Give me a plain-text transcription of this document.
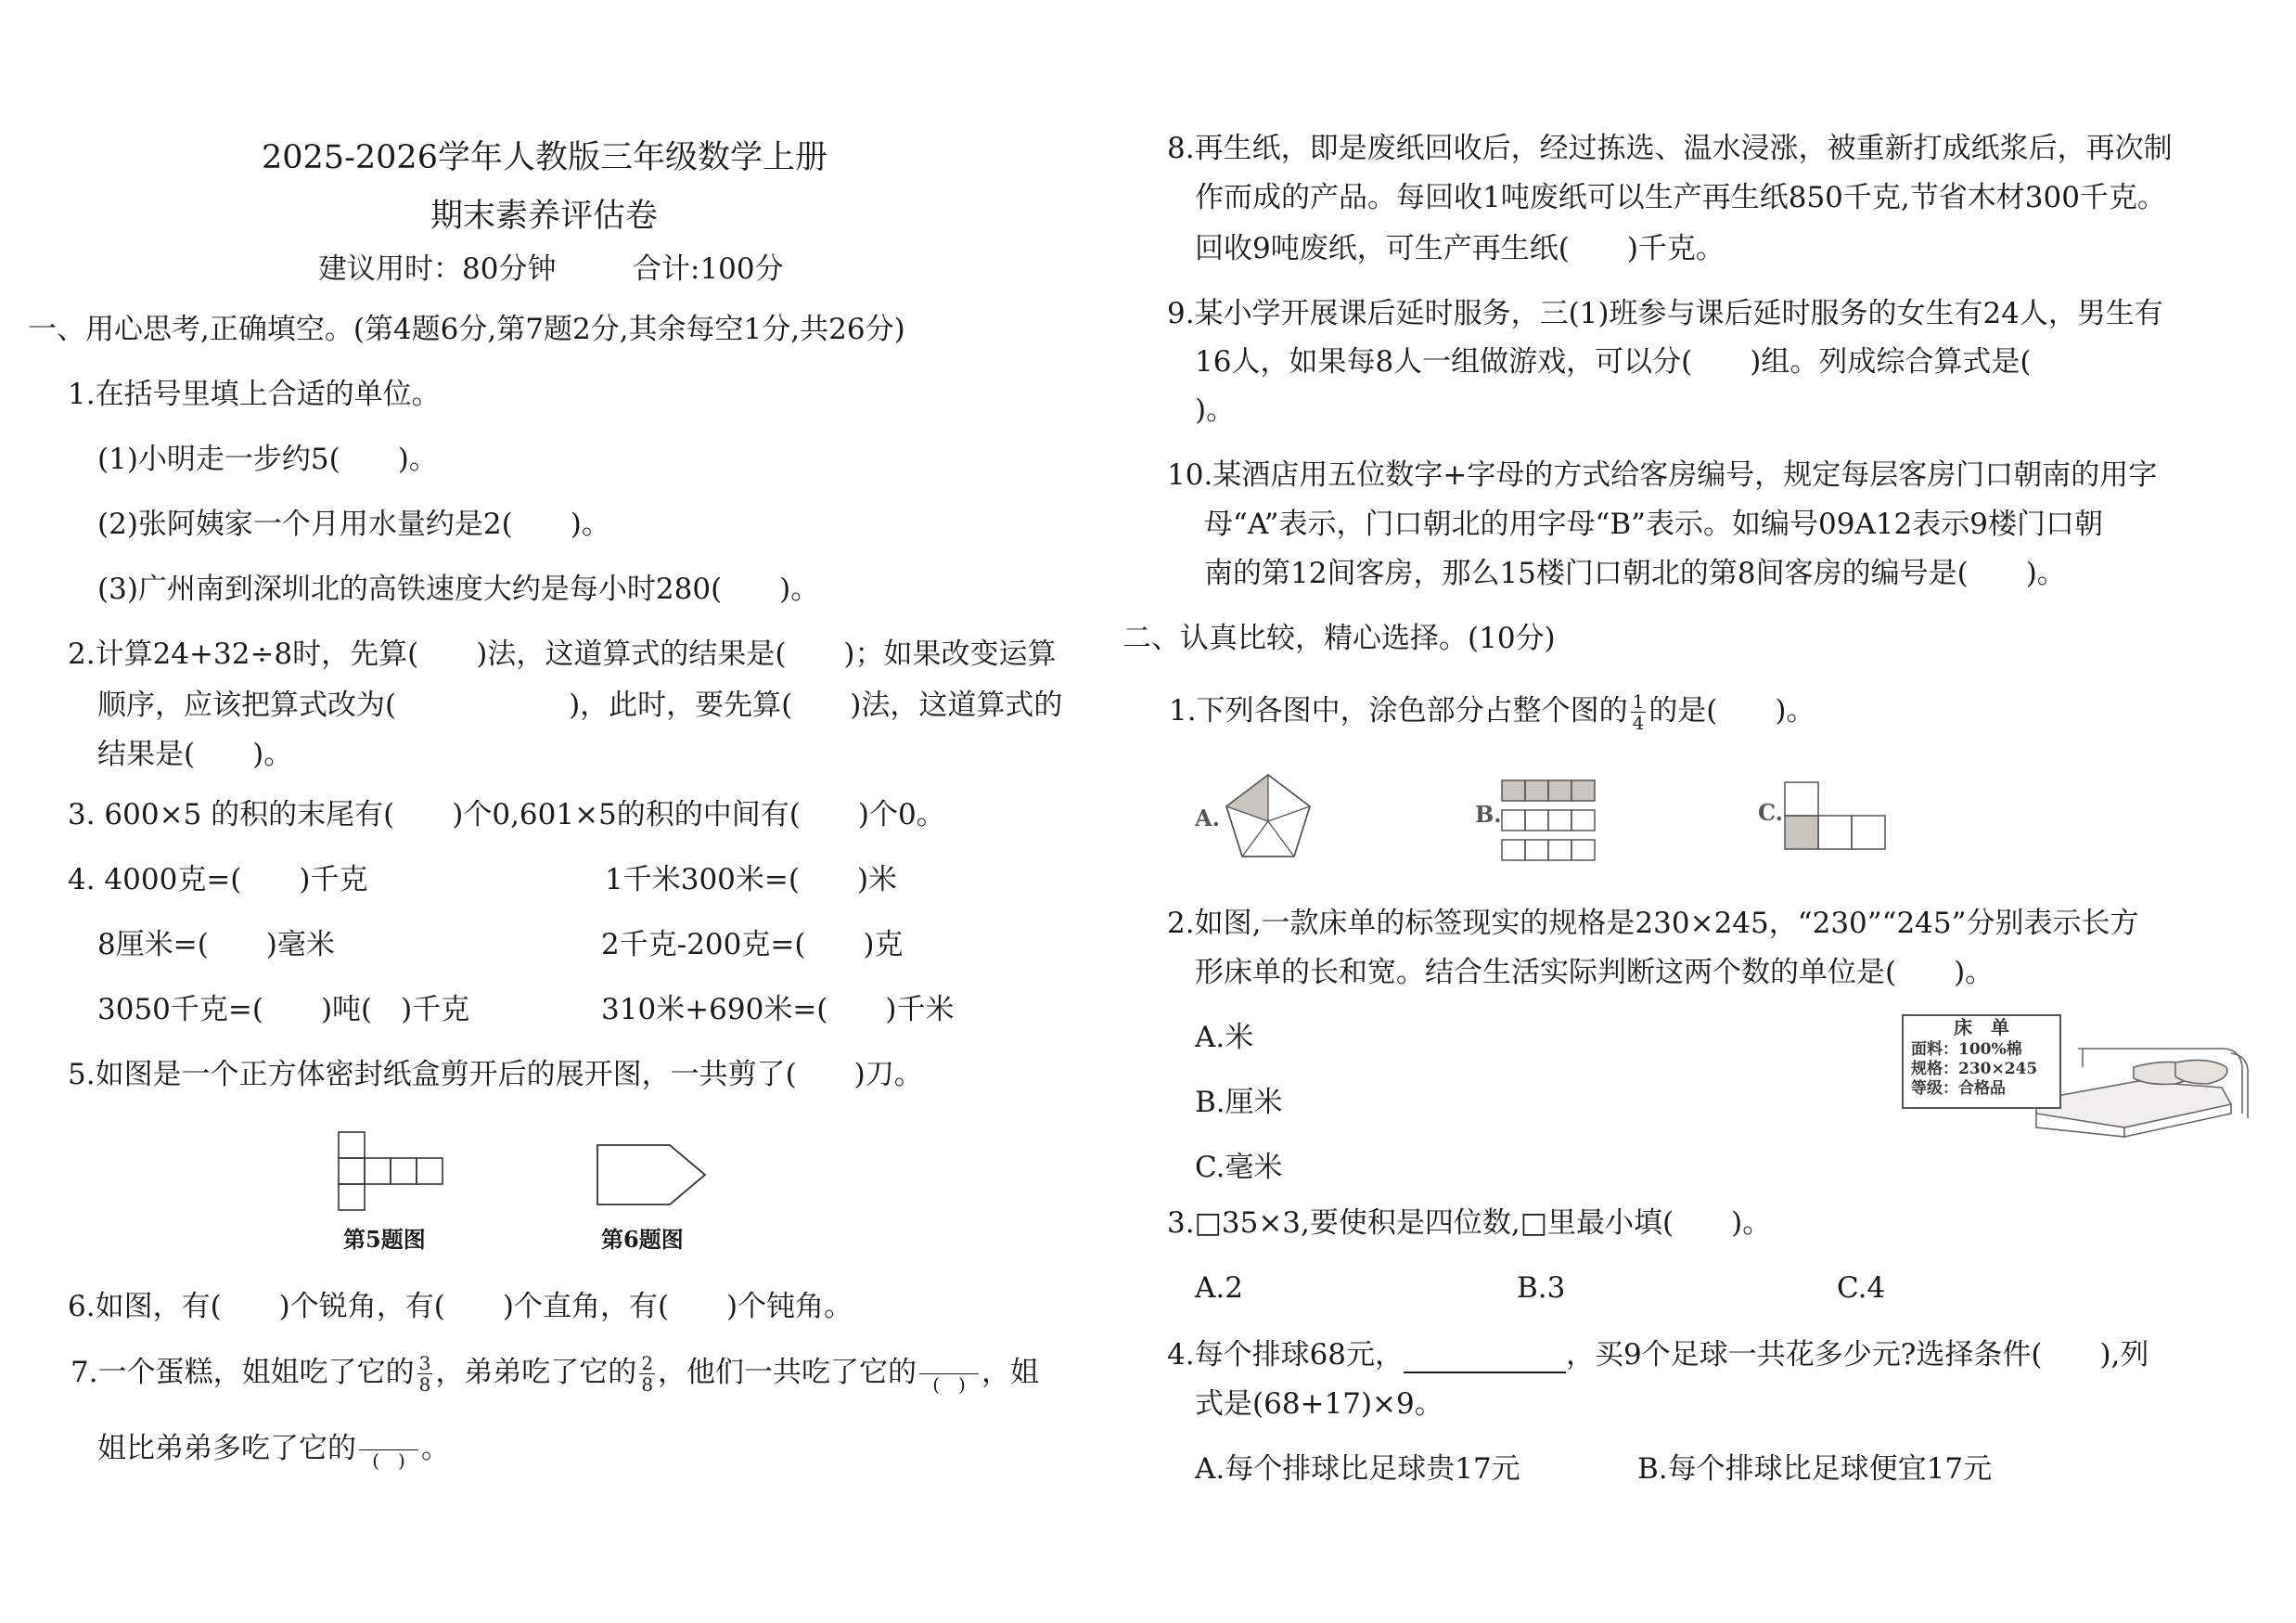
2025-2026学年人教版三年级数学上册
期末素养评估卷
建议用时：80分钟	合计:100分
一、用心思考,正确填空。(第4题6分,第7题2分,其余每空1分,共26分)
1.在括号里填上合适的单位。
(1)小明走一步约5(　　)。
(2)张阿姨家一个月用水量约是2(　　)。
(3)广州南到深圳北的高铁速度大约是每小时280(　　)。
2.计算24+32÷8时，先算(　　)法，这道算式的结果是(　　)；如果改变运算
顺序，应该把算式改为(　　　　　　)，此时，要先算(　　)法，这道算式的
结果是(　　)。
3. 600×5 的积的末尾有(　　)个0,601×5的积的中间有(　　)个0。
4. 4000克=(　　)千克	1千米300米=(　　)米
8厘米=(　　)毫米	2千克-200克=(　　)克
3050千克=(　　)吨(　)千克	310米+690米=(　　)千米
5.如图是一个正方体密封纸盒剪开后的展开图，一共剪了(　　)刀。
第5题图	第6题图
6.如图，有(　　)个锐角，有(　　)个直角，有(　　)个钝角。
7.一个蛋糕，姐姐吃了它的 $\frac{3}{8}$ ，弟弟吃了它的 $\frac{2}{8}$ ，他们一共吃了它的 (　) ，姐
姐比弟弟多吃了它的 (　) 。
8.再生纸，即是废纸回收后，经过拣选、温水浸涨，被重新打成纸浆后，再次制
作而成的产品。每回收1吨废纸可以生产再生纸850千克,节省木材300千克。
回收9吨废纸，可生产再生纸(　　)千克。
9.某小学开展课后延时服务，三(1)班参与课后延时服务的女生有24人，男生有
16人，如果每8人一组做游戏，可以分(　　)组。列成综合算式是(
)。
10.某酒店用五位数字+字母的方式给客房编号，规定每层客房门口朝南的用字
母“A”表示，门口朝北的用字母“B”表示。如编号09A12表示9楼门口朝
南的第12间客房，那么15楼门口朝北的第8间客房的编号是(　　)。
二、认真比较，精心选择。(10分)
1.下列各图中，涂色部分占整个图的 $\frac{1}{4}$ 的是(　　)。
A.	B.	C.
2.如图,一款床单的标签现实的规格是230×245，“230”“245”分别表示长方
形床单的长和宽。结合生活实际判断这两个数的单位是(　　)。
A.米
B.厘米
C.毫米
床　单
面料：100%棉
规格：230×245
等级：合格品
3.□35×3,要使积是四位数,□里最小填(　　)。
A.2	B.3	C.4
4.每个排球68元，	，买9个足球一共花多少元?选择条件(　　),列
式是(68+17)×9。
A.每个排球比足球贵17元	B.每个排球比足球便宜17元
